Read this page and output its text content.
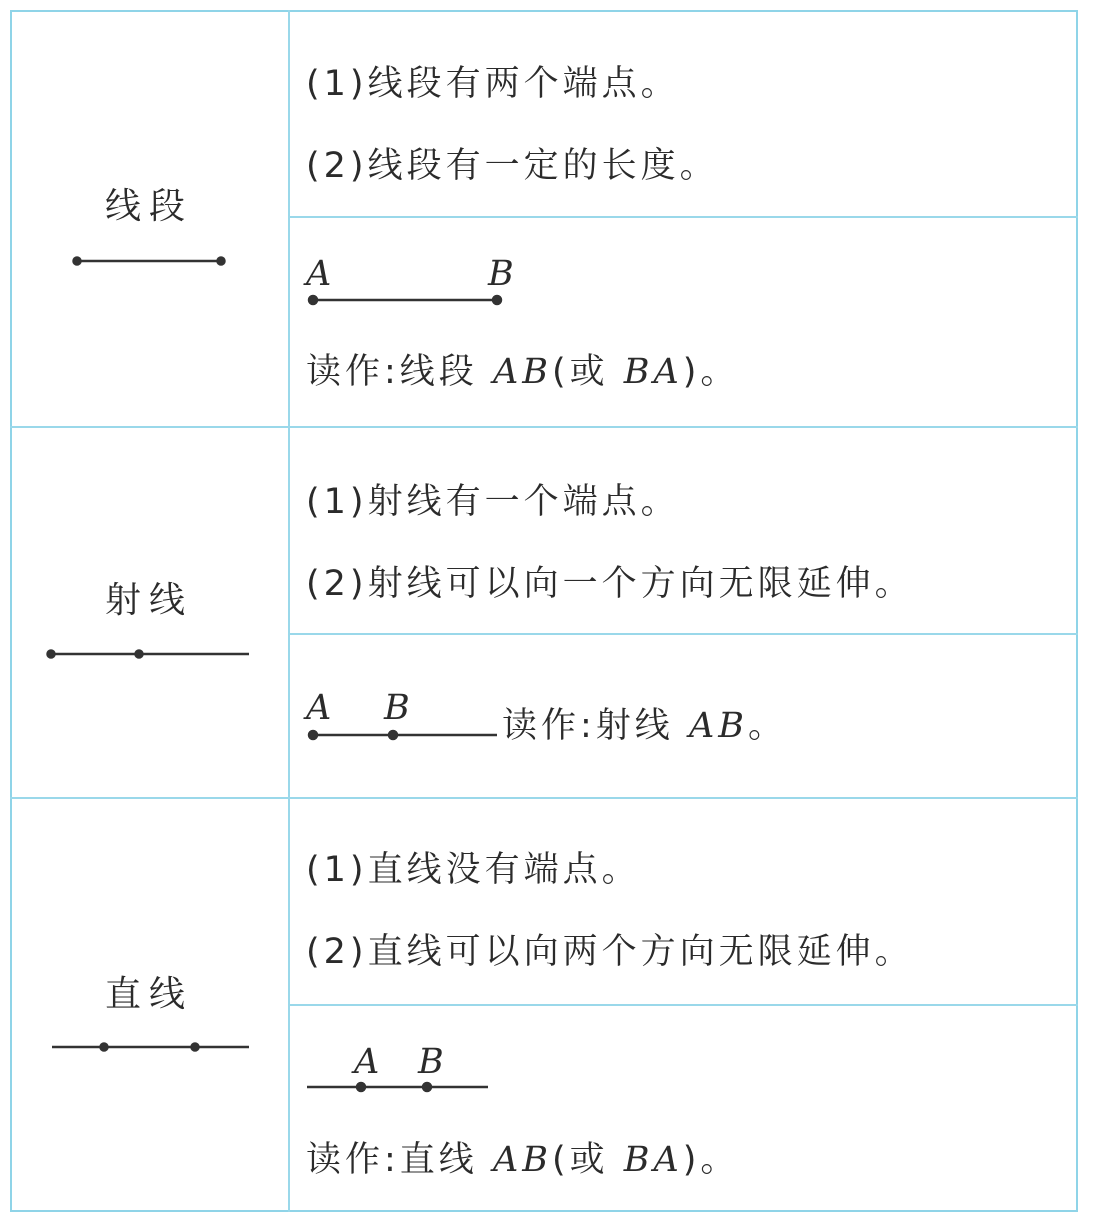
线段
(1)线段有两个端点。
(2)线段有一定的长度。
A	B
读作:线段 AB(或 BA)。
射线
(1)射线有一个端点。
(2)射线可以向一个方向无限延伸。
A B	读作:射线 AB。
直线
(1)直线没有端点。
(2)直线可以向两个方向无限延伸。
A B
读作:直线 AB(或 BA)。
